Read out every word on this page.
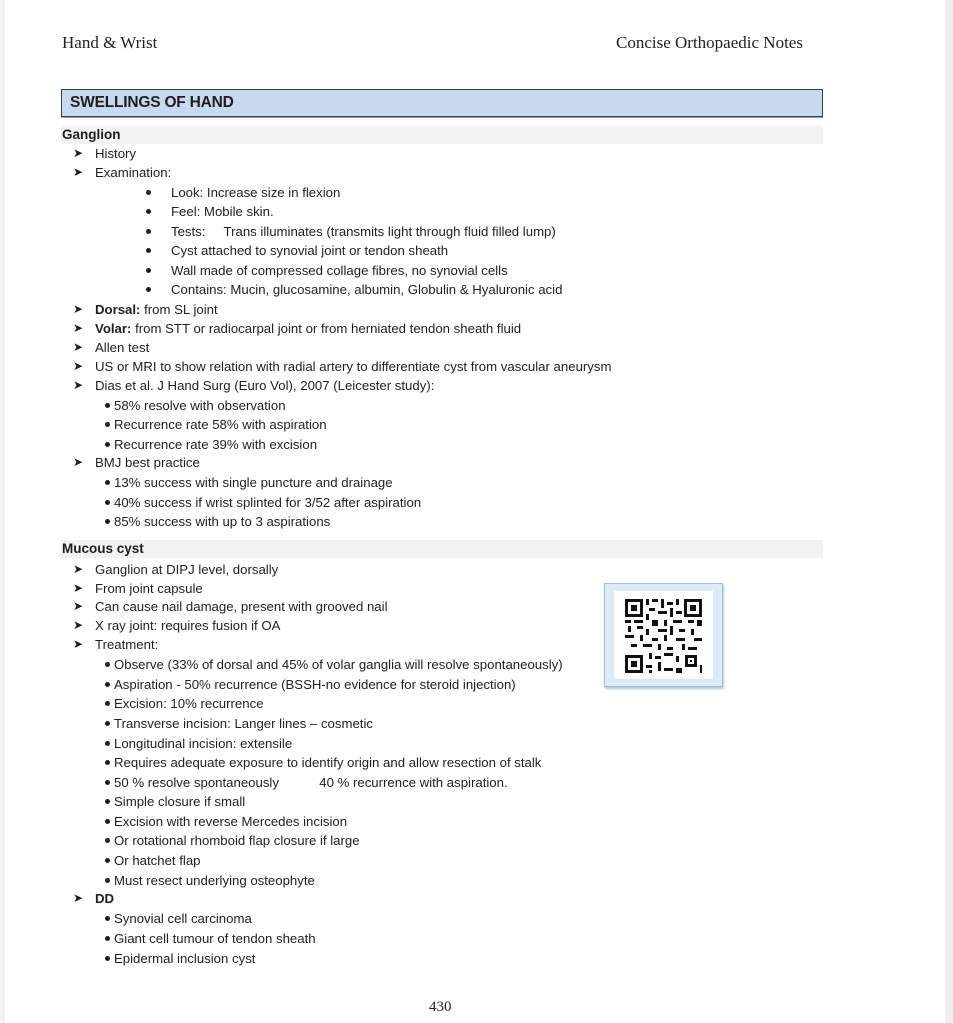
Hand & Wrist	Concise Orthopaedic Notes
SWELLINGS OF HAND
Ganglion
➤ History
➤ Examination:
Look: Increase size in flexion
Feel: Mobile skin.
Tests:     Trans illuminates (transmits light through fluid filled lump)
Cyst attached to synovial joint or tendon sheath
Wall made of compressed collage fibres, no synovial cells
Contains: Mucin, glucosamine, albumin, Globulin & Hyaluronic acid
➤ Dorsal: from SL joint
➤ Volar: from STT or radiocarpal joint or from herniated tendon sheath fluid
➤ Allen test
➤ US or MRI to show relation with radial artery to differentiate cyst from vascular aneurysm
➤ Dias et al. J Hand Surg (Euro Vol), 2007 (Leicester study):
58% resolve with observation
Recurrence rate 58% with aspiration
Recurrence rate 39% with excision
➤ BMJ best practice
13% success with single puncture and drainage
40% success if wrist splinted for 3/52 after aspiration
85% success with up to 3 aspirations
Mucous cyst
➤ Ganglion at DIPJ level, dorsally
➤ From joint capsule
➤ Can cause nail damage, present with grooved nail
➤ X ray joint: requires fusion if OA
➤ Treatment:
Observe (33% of dorsal and 45% of volar ganglia will resolve spontaneously)
Aspiration - 50% recurrence (BSSH-no evidence for steroid injection)
Excision: 10% recurrence
Transverse incision: Langer lines – cosmetic
Longitudinal incision: extensile
Requires adequate exposure to identify origin and allow resection of stalk
50 % resolve spontaneously           40 % recurrence with aspiration.
Simple closure if small
Excision with reverse Mercedes incision
Or rotational rhomboid flap closure if large
Or hatchet flap
Must resect underlying osteophyte
➤ DD
Synovial cell carcinoma
Giant cell tumour of tendon sheath
Epidermal inclusion cyst
430
